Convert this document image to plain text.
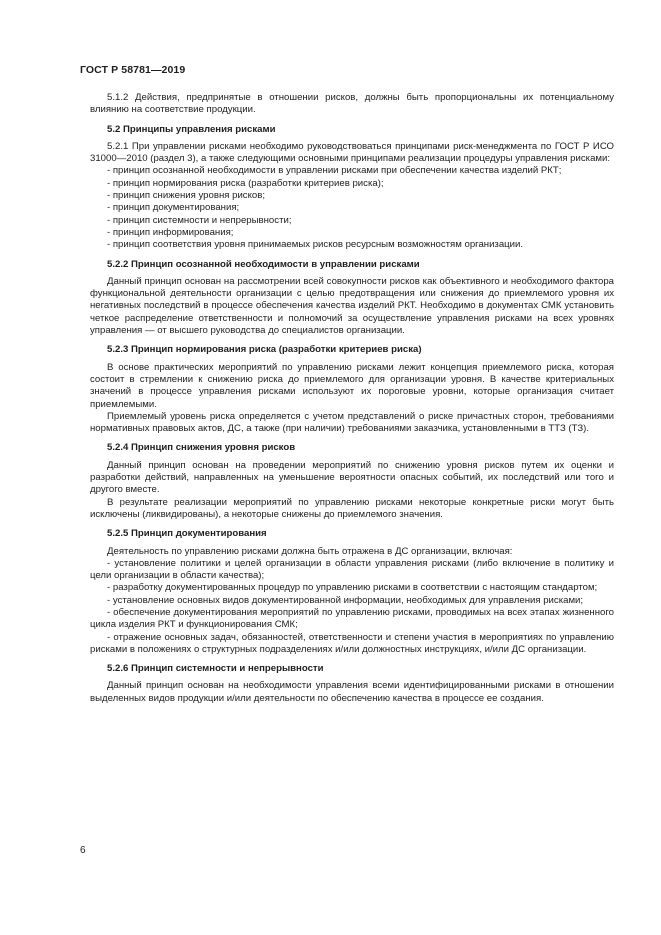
ГОСТ Р 58781—2019

5.1.2 Действия, предпринятые в отношении рисков, должны быть пропорциональны их потенциальному влиянию на соответствие продукции.

5.2 Принципы управления рисками

5.2.1 При управлении рисками необходимо руководствоваться принципами риск-менеджмента по ГОСТ Р ИСО 31000—2010 (раздел 3), а также следующими основными принципами реализации процедуры управления рисками:

- принцип осознанной необходимости в управлении рисками при обеспечении качества изделий РКТ;

- принцип нормирования риска (разработки критериев риска);

- принцип снижения уровня рисков;

- принцип документирования;

- принцип системности и непрерывности;

- принцип информирования;

- принцип соответствия уровня принимаемых рисков ресурсным возможностям организации.

5.2.2 Принцип осознанной необходимости в управлении рисками

Данный принцип основан на рассмотрении всей совокупности рисков как объективного и необходимого фактора функциональной деятельности организации с целью предотвращения или снижения до приемлемого уровня их негативных последствий в процессе обеспечения качества изделий РКТ. Необходимо в документах СМК установить четкое распределение ответственности и полномочий за осуществление управления рисками на всех уровнях управления — от высшего руководства до специалистов организации.

5.2.3 Принцип нормирования риска (разработки критериев риска)

В основе практических мероприятий по управлению рисками лежит концепция приемлемого риска, которая состоит в стремлении к снижению риска до приемлемого для организации уровня. В качестве критериальных значений в процессе управления рисками используют их пороговые уровни, которые организация считает приемлемыми.

Приемлемый уровень риска определяется с учетом представлений о риске причастных сторон, требованиями нормативных правовых актов, ДС, а также (при наличии) требованиями заказчика, установленными в ТТЗ (ТЗ).

5.2.4 Принцип снижения уровня рисков

Данный принцип основан на проведении мероприятий по снижению уровня рисков путем их оценки и разработки действий, направленных на уменьшение вероятности опасных событий, их последствий или того и другого вместе.

В результате реализации мероприятий по управлению рисками некоторые конкретные риски могут быть исключены (ликвидированы), а некоторые снижены до приемлемого значения.

5.2.5 Принцип документирования

Деятельность по управлению рисками должна быть отражена в ДС организации, включая:

- установление политики и целей организации в области управления рисками (либо включение в политику и цели организации в области качества);

- разработку документированных процедур по управлению рисками в соответствии с настоящим стандартом;

- установление основных видов документированной информации, необходимых для управления рисками;

- обеспечение документирования мероприятий по управлению рисками, проводимых на всех этапах жизненного цикла изделия РКТ и функционирования СМК;

- отражение основных задач, обязанностей, ответственности и степени участия в мероприятиях по управлению рисками в положениях о структурных подразделениях и/или должностных инструкциях, и/или ДС организации.

5.2.6 Принцип системности и непрерывности

Данный принцип основан на необходимости управления всеми идентифицированными рисками в отношении выделенных видов продукции и/или деятельности по обеспечению качества в процессе ее создания.

6
